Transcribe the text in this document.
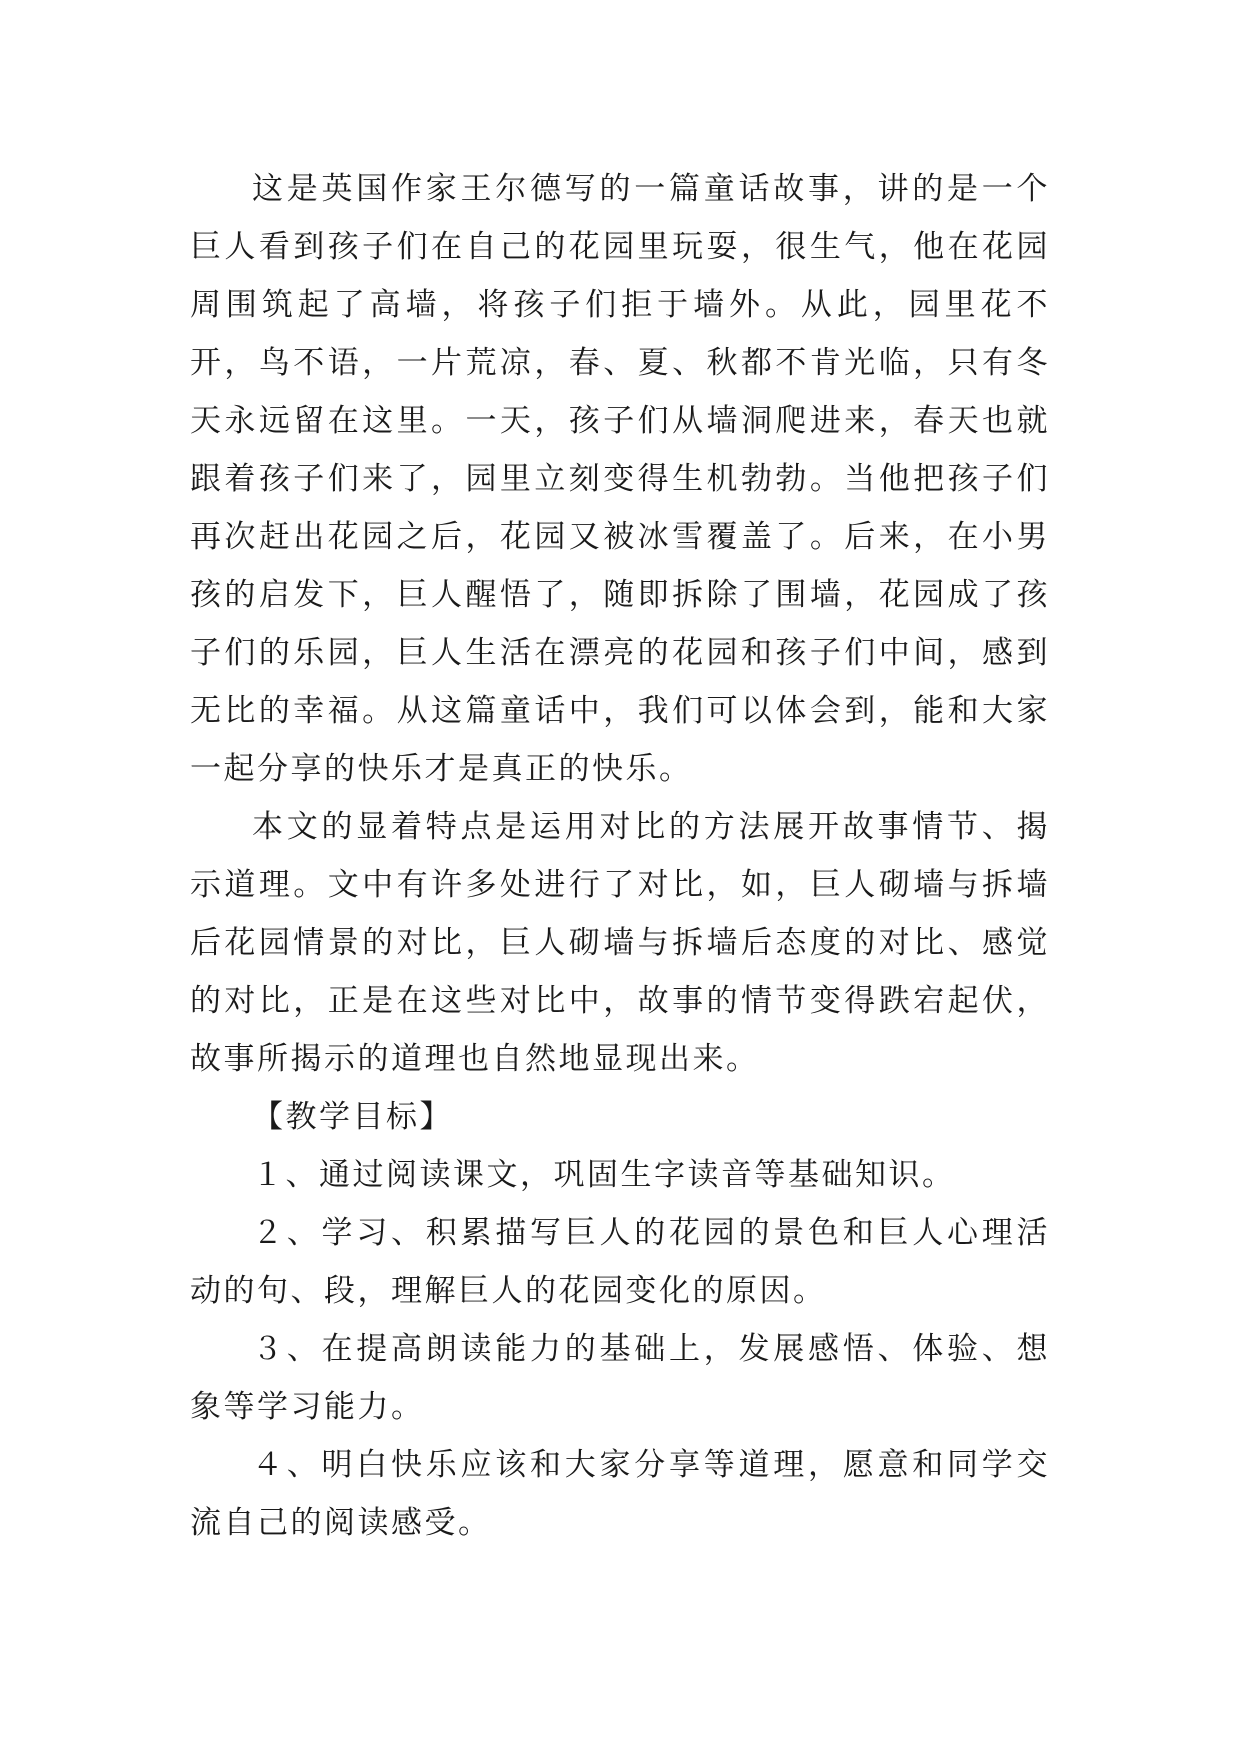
这是英国作家王尔德写的一篇童话故事，讲的是一个巨人看到孩子们在自己的花园里玩耍，很生气，他在花园周围筑起了高墙，将孩子们拒于墙外。从此，园里花不开，鸟不语，一片荒凉，春、夏、秋都不肯光临，只有冬天永远留在这里。一天，孩子们从墙洞爬进来，春天也就跟着孩子们来了，园里立刻变得生机勃勃。当他把孩子们再次赶出花园之后，花园又被冰雪覆盖了。后来，在小男孩的启发下，巨人醒悟了，随即拆除了围墙，花园成了孩子们的乐园，巨人生活在漂亮的花园和孩子们中间，感到无比的幸福。从这篇童话中，我们可以体会到，能和大家一起分享的快乐才是真正的快乐。

本文的显着特点是运用对比的方法展开故事情节、揭示道理。文中有许多处进行了对比，如，巨人砌墙与拆墙后花园情景的对比，巨人砌墙与拆墙后态度的对比、感觉的对比，正是在这些对比中，故事的情节变得跌宕起伏，故事所揭示的道理也自然地显现出来。

【教学目标】

１、通过阅读课文，巩固生字读音等基础知识。

２、学习、积累描写巨人的花园的景色和巨人心理活动的句、段，理解巨人的花园变化的原因。

３、在提高朗读能力的基础上，发展感悟、体验、想象等学习能力。

４、明白快乐应该和大家分享等道理，愿意和同学交流自己的阅读感受。
